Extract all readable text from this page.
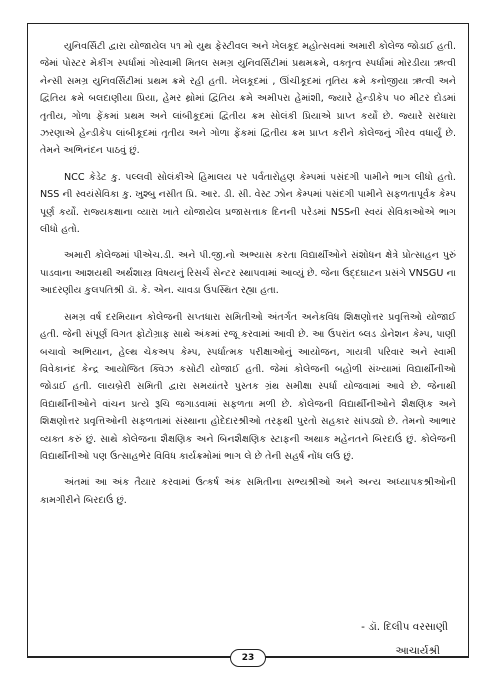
યુનિવર્સિટી દ્વારા યોજાયેલ ૫૧ મો યુથ ફેસ્ટીવલ અને ખેલકૂદ મહોત્સવમાં અમારી કોલેજ જોડાઈ હતી. જેમાં પોસ્ટર મેકીંગ સ્પર્ધામાં ગોસ્વામી મિતલ સમગ્ર યુનિવર્સિટીમાં પ્રથમક્રમે, વક્તૃત્વ સ્પર્ધામાં મોરડીયા ઋત્વી નેન્સી સમગ્ર યુનિવર્સિટીમાં પ્રથમ ક્રમે રહી હતી. ખેલકૂદમાં , ઊંચીકૂદમાં તૃતિય ક્રમે કનોજીયા ઋત્વી અને દ્વિતિય ક્રમે બલદાણીયા પ્રિયા, હેમર થ્રોમાં દ્વિતિય ક્રમે અમીપરા હેમાંશી, જ્યારે હેન્ડીકેપ ૫૦ મીટર દોડમાં તૃતીય, ગોળા ફેંકમાં પ્રથમ અને લાંબીકૂદમાં દ્વિતીય ક્રમ સોલંકી પ્રિયાએ પ્રાપ્ત કર્યો છે. જ્યારે સરધારા ઝરણાએ હેન્ડીકેપ લાંબીકૂદમાં તૃતીય અને ગોળા ફેંકમાં દ્વિતીય ક્રમ પ્રાપ્ત કરીને કોલેજનું ગૌરવ વધાર્યું છે. તેમને અભિનંદન પાઠવું છું.

NCC કેડેટ કુ. પલ્લવી સોલંકીએ હિમાલય પર પર્વતારોહણ કેમ્પમાં પસંદગી પામીને ભાગ લીધો હતો. NSS ની સ્વયંસેવિકા કુ. ખુશ્બુ નસીત પ્રિ. આર. ડી. સી. વેસ્ટ ઝોન કેમ્પમાં પસંદગી પામીને સફળતાપૂર્વક કેમ્પ પૂર્ણ કર્યો. રાજ્યકક્ષાના વ્યારા ખાતે યોજાયેલ પ્રજાસત્તાક દિનની પરેડમાં NSSની સ્વયં સેવિકાઓએ ભાગ લીધો હતો.

અમારી કોલેજમાં પીએચ.ડી. અને પી.જી.નો અભ્યાસ કરતા વિદ્યાર્થીઓને સંશોધન ક્ષેત્રે પ્રોત્સાહન પુરું પાડવાના આશયથી અર્થશાસ્ત્ર વિષયનું રિસર્ચ સેન્ટર સ્થાપવામાં આવ્યું છે. જેના ઉદ્દઘાટન પ્રસંગે VNSGU ના આદરણીય કુલપતિશ્રી ડૉ. કે. એન. ચાવડા ઉપસ્થિત રહ્યા હતા.

સમગ્ર વર્ષ દરમિયાન કોલેજની સપ્તધારા સમિતીઓ અંતર્ગત અનેકવિધ શિક્ષણોત્તર પ્રવૃત્તિઓ યોજાઈ હતી. જેની સંપૂર્ણ વિગત ફોટોગ્રાફ સાથે અંકમાં રજૂ કરવામાં આવી છે. આ ઉપરાંત બ્લડ ડોનેશન કેમ્પ, પાણી બચાવો અભિયાન, હેલ્થ ચેકઅપ કેમ્પ, સ્પર્ધાત્મક પરીક્ષાઓનું આયોજન, ગાયત્રી પરિવાર અને સ્વામી વિવેકાનંદ કેન્દ્ર આયોજિત ક્વિઝ કસોટી યોજાઈ હતી. જેમાં કોલેજની બહોળી સંખ્યામાં વિદ્યાર્થીનીઓ જોડાઈ હતી. લાયબ્રેરી સમિતી દ્વારા સમયાંતરે પુસ્તક ગ્રંથ સમીક્ષા સ્પર્ધા યોજવામાં આવે છે. જેનાથી વિદ્યાર્થીનીઓને વાંચન પ્રત્યે રૂચિ જગાડવામાં સફળતા મળી છે. કોલેજની વિદ્યાર્થીનીઓને શૈક્ષણિક અને શિક્ષણોત્તર પ્રવૃત્તિઓની સફળતામાં સંસ્થાના હોદેદારશ્રીઓ તરફથી પુરતો સહકાર સાંપડ્યો છે. તેમનો આભાર વ્યક્ત કરું છું. સાથે કોલેજના શૈક્ષણિક અને બિનશૈક્ષણિક સ્ટાફની અથાક મહેનતને બિરદાઉં છું. કોલેજની વિદ્યાર્થીનીઓ પણ ઉત્સાહભેર વિવિધ કાર્યક્રમોમાં ભાગ લે છે તેની સહર્ષ નોંધ લઉ છું.

અંતમાં આ અંક તૈયાર કરવામાં ઉત્કર્ષ અંક સમિતીના સભ્યશ્રીઓ અને અન્ય અધ્યાપકશ્રીઓની કામગીરીને બિરદાઉં છું.

- ડૉ. દિલીપ વરસાણી
આચાર્યશ્રી
23
